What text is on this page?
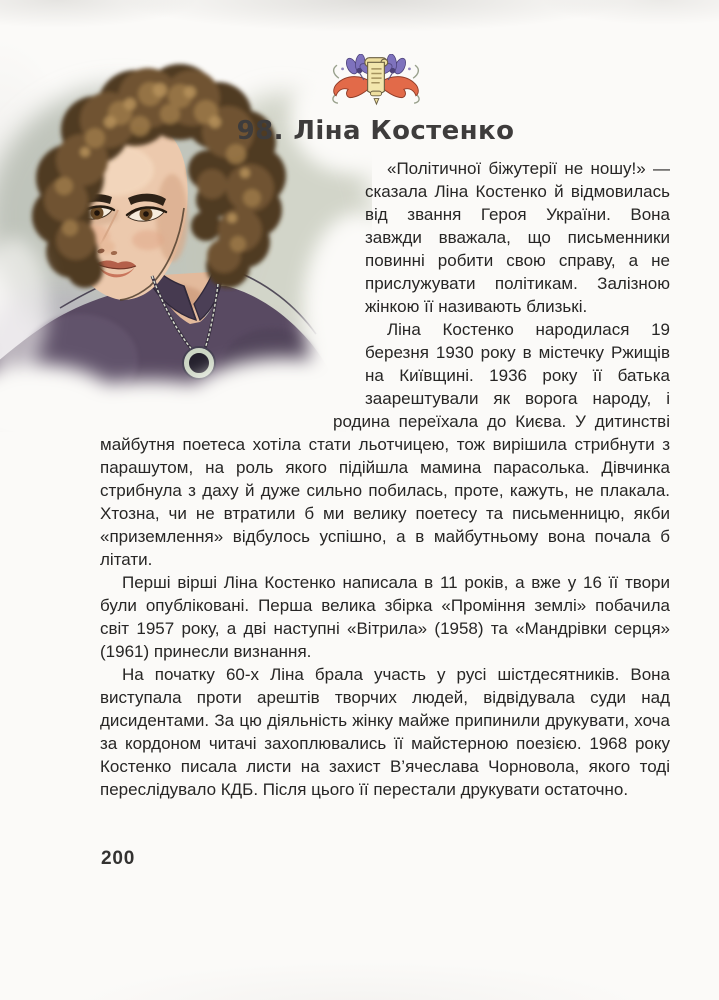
98. Ліна Костенко

«Політичної біжутерії не ношу!» — сказала Ліна Костенко й відмовилась від звання Героя України. Вона завжди вважала, що письменники повинні робити свою справу, а не прислужувати політикам. Залізною жінкою її називають близькі.

Ліна Костенко народилася 19 березня 1930 року в містечку Ржищів на Київщині. 1936 року її батька заарештували як ворога народу, і родина переїхала до Києва. У дитинстві майбутня поетеса хотіла стати льотчицею, тож вирішила стрибнути з парашутом, на роль якого підійшла мамина парасолька. Дівчинка стрибнула з даху й дуже сильно побилась, проте, кажуть, не плакала. Хтозна, чи не втратили б ми велику поетесу та письменницю, якби «приземлення» відбулось успішно, а в майбутньому вона почала б літати.

Перші вірші Ліна Костенко написала в 11 років, а вже у 16 її твори були опубліковані. Перша велика збірка «Проміння землі» побачила світ 1957 року, а дві наступні «Вітрила» (1958) та «Мандрівки серця» (1961) принесли визнання.

На початку 60-х Ліна брала участь у русі шістдесятників. Вона виступала проти арештів творчих людей, відвідувала суди над дисидентами. За цю діяльність жінку майже припинили друкувати, хоча за кордоном читачі захоплювались її майстерною поезією. 1968 року Костенко писала листи на захист В’ячеслава Чорновола, якого тоді переслідувало КДБ. Після цього її перестали друкувати остаточно.

200
